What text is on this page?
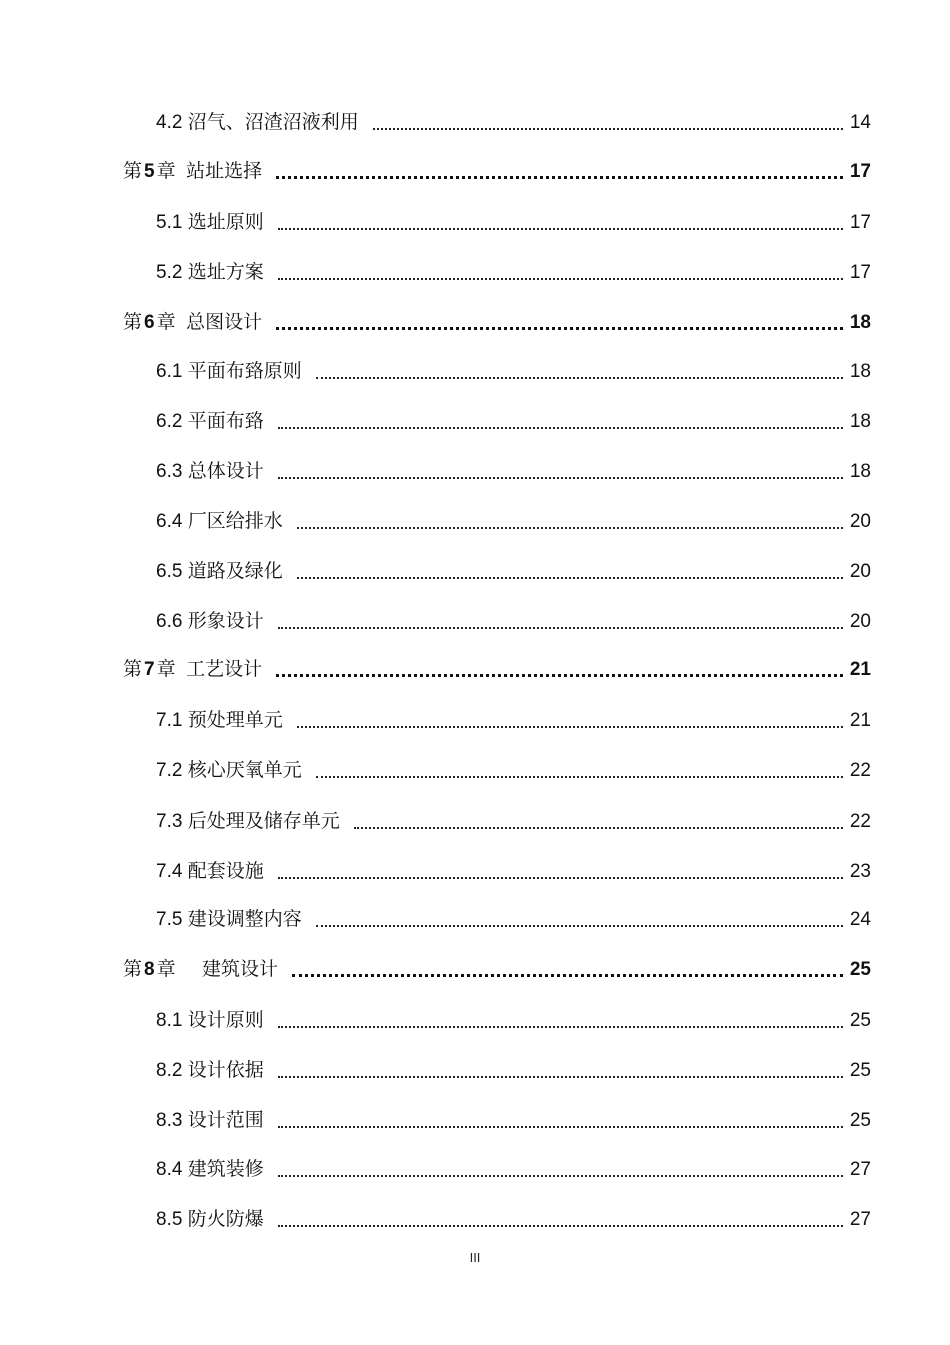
4.2 沼气、沼渣沼液利用	14
第 5 章 站址选择	17
5.1 选址原则	17
5.2 选址方案	17
第 6 章 总图设计	18
6.1 平面布臵原则	18
6.2 平面布臵	18
6.3 总体设计	18
6.4 厂区给排水	20
6.5 道路及绿化	20
6.6 形象设计	20
第 7 章 工艺设计	21
7.1 预处理单元	21
7.2 核心厌氧单元	22
7.3 后处理及储存单元	22
7.4 配套设施	23
7.5 建设调整内容	24
第 8 章 建筑设计	25
8.1 设计原则	25
8.2 设计依据	25
8.3 设计范围	25
8.4 建筑装修	27
8.5 防火防爆	27
III
